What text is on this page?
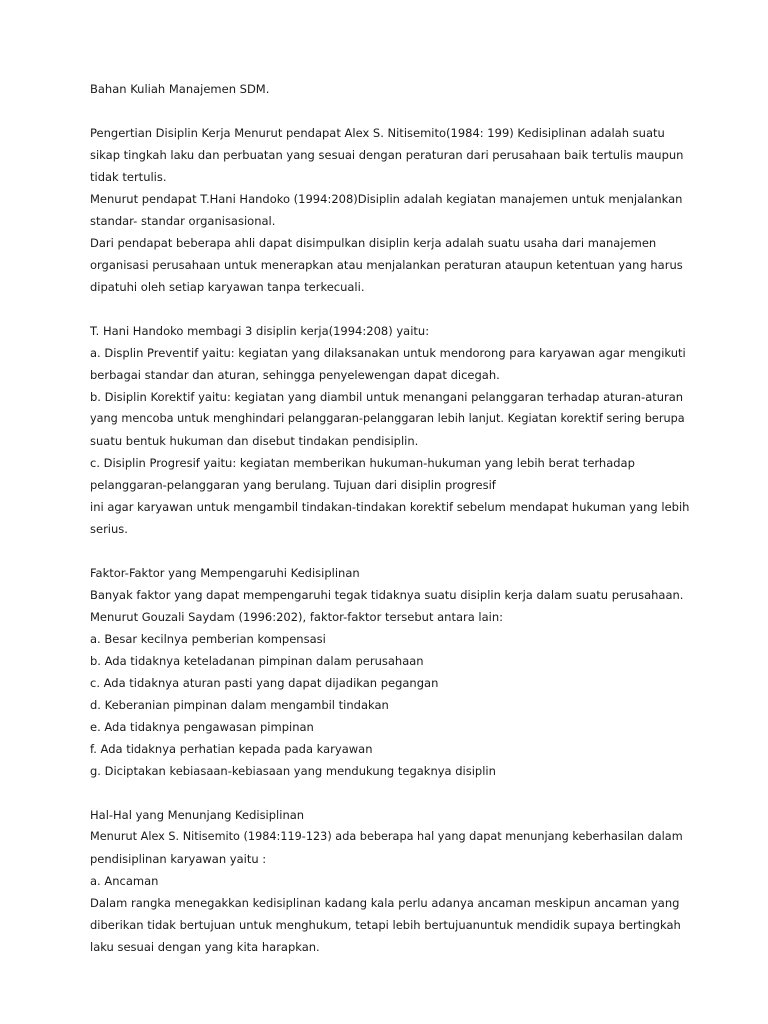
Bahan Kuliah Manajemen SDM.

Pengertian Disiplin Kerja Menurut pendapat Alex S. Nitisemito(1984: 199) Kedisiplinan adalah suatu

sikap tingkah laku dan perbuatan yang sesuai dengan peraturan dari perusahaan baik tertulis maupun

tidak tertulis.

Menurut pendapat T.Hani Handoko (1994:208)Disiplin adalah kegiatan manajemen untuk menjalankan

standar- standar organisasional.

Dari pendapat beberapa ahli dapat disimpulkan disiplin kerja adalah suatu usaha dari manajemen

organisasi perusahaan untuk menerapkan atau menjalankan peraturan ataupun ketentuan yang harus

dipatuhi oleh setiap karyawan tanpa terkecuali.

T. Hani Handoko membagi 3 disiplin kerja(1994:208) yaitu:

a. Displin Preventif yaitu: kegiatan yang dilaksanakan untuk mendorong para karyawan agar mengikuti

berbagai standar dan aturan, sehingga penyelewengan dapat dicegah.

b. Disiplin Korektif yaitu: kegiatan yang diambil untuk menangani pelanggaran terhadap aturan-aturan

yang mencoba untuk menghindari pelanggaran-pelanggaran lebih lanjut. Kegiatan korektif sering berupa

suatu bentuk hukuman dan disebut tindakan pendisiplin.

c. Disiplin Progresif yaitu: kegiatan memberikan hukuman-hukuman yang lebih berat terhadap

pelanggaran-pelanggaran yang berulang. Tujuan dari disiplin progresif

ini agar karyawan untuk mengambil tindakan-tindakan korektif sebelum mendapat hukuman yang lebih

serius.

Faktor-Faktor yang Mempengaruhi Kedisiplinan

Banyak faktor yang dapat mempengaruhi tegak tidaknya suatu disiplin kerja dalam suatu perusahaan.

Menurut Gouzali Saydam (1996:202), faktor-faktor tersebut antara lain:

a. Besar kecilnya pemberian kompensasi

b. Ada tidaknya keteladanan pimpinan dalam perusahaan

c. Ada tidaknya aturan pasti yang dapat dijadikan pegangan

d. Keberanian pimpinan dalam mengambil tindakan

e. Ada tidaknya pengawasan pimpinan

f. Ada tidaknya perhatian kepada pada karyawan

g. Diciptakan kebiasaan-kebiasaan yang mendukung tegaknya disiplin

Hal-Hal yang Menunjang Kedisiplinan

Menurut Alex S. Nitisemito (1984:119-123) ada beberapa hal yang dapat menunjang keberhasilan dalam

pendisiplinan karyawan yaitu :

a. Ancaman

Dalam rangka menegakkan kedisiplinan kadang kala perlu adanya ancaman meskipun ancaman yang

diberikan tidak bertujuan untuk menghukum, tetapi lebih bertujuanuntuk mendidik supaya bertingkah

laku sesuai dengan yang kita harapkan.
